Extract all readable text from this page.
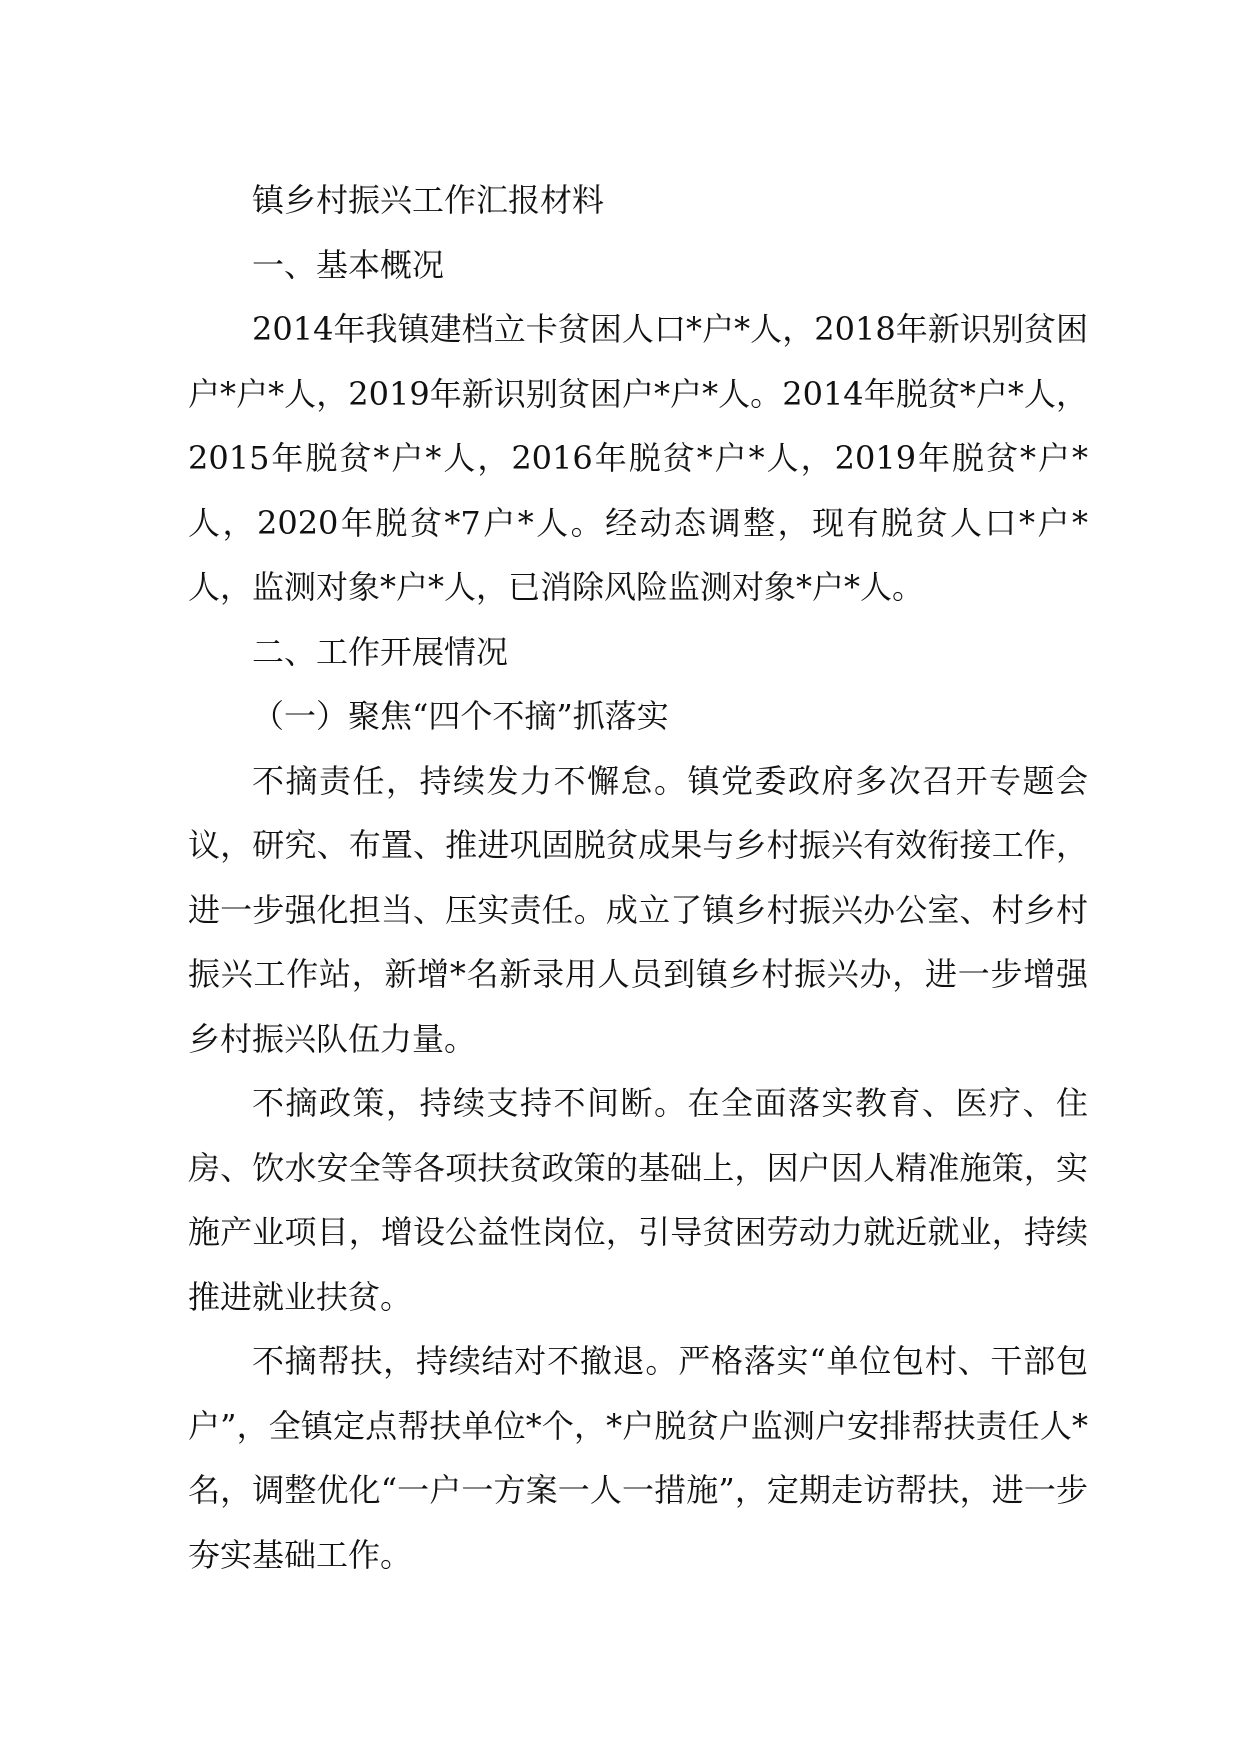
镇乡村振兴工作汇报材料

一、基本概况

2014年我镇建档立卡贫困人口*户*人，2018年新识别贫困户*户*人，2019年新识别贫困户*户*人。2014年脱贫*户*人，2015年脱贫*户*人，2016年脱贫*户*人，2019年脱贫*户*人，2020年脱贫*7户*人。经动态调整，现有脱贫人口*户*人，监测对象*户*人，已消除风险监测对象*户*人。

二、工作开展情况

（一）聚焦“四个不摘”抓落实

不摘责任，持续发力不懈怠。镇党委政府多次召开专题会议，研究、布置、推进巩固脱贫成果与乡村振兴有效衔接工作，进一步强化担当、压实责任。成立了镇乡村振兴办公室、村乡村振兴工作站，新增*名新录用人员到镇乡村振兴办，进一步增强乡村振兴队伍力量。

不摘政策，持续支持不间断。在全面落实教育、医疗、住房、饮水安全等各项扶贫政策的基础上，因户因人精准施策，实施产业项目，增设公益性岗位，引导贫困劳动力就近就业，持续推进就业扶贫。

不摘帮扶，持续结对不撤退。严格落实“单位包村、干部包户”，全镇定点帮扶单位*个，*户脱贫户监测户安排帮扶责任人*名，调整优化“一户一方案一人一措施”，定期走访帮扶，进一步夯实基础工作。
